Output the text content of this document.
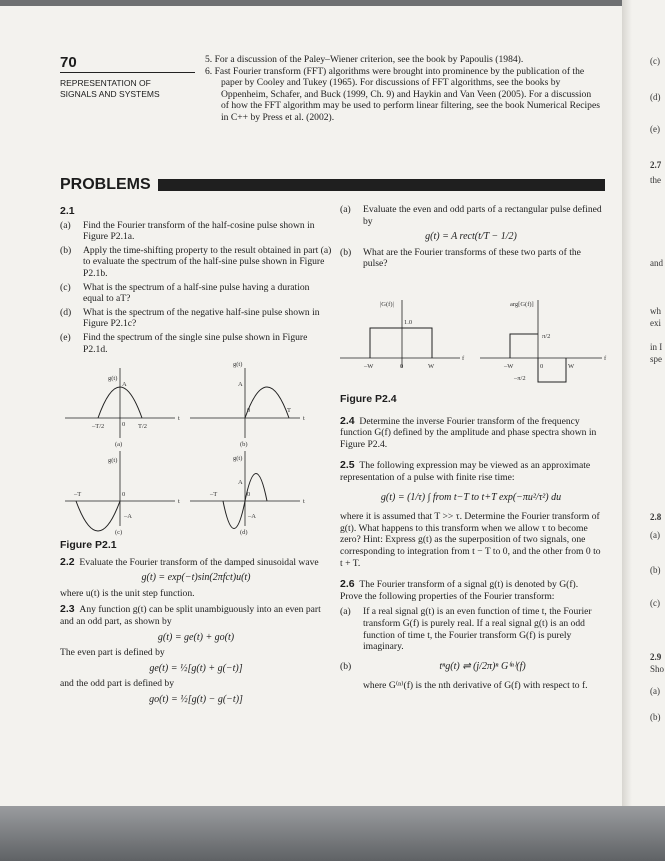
70
REPRESENTATION OF
SIGNALS AND SYSTEMS

5. For a discussion of the Paley–Wiener criterion, see the book by Papoulis (1984).

6. Fast Fourier transform (FFT) algorithms were brought into prominence by the publication of the paper by Cooley and Tukey (1965). For discussions of FFT algorithms, see the books by Oppenheim, Schafer, and Buck (1999, Ch. 9) and Haykin and Van Veen (2005). For a discussion of how the FFT algorithm may be used to perform linear filtering, see the book Numerical Recipes in C++ by Press et al. (2002).

PROBLEMS
2.1
(a) Find the Fourier transform of the half-cosine pulse shown in Figure P2.1a.
(b) Apply the time-shifting property to the result obtained in part (a) to evaluate the spectrum of the half-sine pulse shown in Figure P2.1b.
(c) What is the spectrum of a half-sine pulse having a duration equal to aT?
(d) What is the spectrum of the negative half-sine pulse shown in Figure P2.1c?
(e) Find the spectrum of the single sine pulse shown in Figure P2.1d.
g(t)
A
–T/2	0 T/2
t
(a)
g(t)
A
0	T
t
(b)
g(t)
–T	0
–A
t
(c)
g(t)
A
–T	0
–A
t
(d)
Figure P2.1

2.2 Evaluate the Fourier transform of the damped sinusoidal wave

g(t) = exp(−t)sin(2πfct)u(t)

where u(t) is the unit step function.

2.3 Any function g(t) can be split unambiguously into an even part and an odd part, as shown by

g(t) = ge(t) + go(t)

The even part is defined by

ge(t) = ½[g(t) + g(−t)]

and the odd part is defined by

go(t) = ½[g(t) − g(−t)]
(a) Evaluate the even and odd parts of a rectangular pulse defined by
g(t) = A rect(t/T − 1/2)
(b) What are the Fourier transforms of these two parts of the pulse?
|G(f)|
1.0
–W	0	W
f
arg[G(f)]
π/2
–W	0	W
–π/2
f
Figure P2.4

2.4 Determine the inverse Fourier transform of the frequency function G(f) defined by the amplitude and phase spectra shown in Figure P2.4.

2.5 The following expression may be viewed as an approximate representation of a pulse with finite rise time:

g(t) = (1/τ) ∫ from t−T to t+T exp(−πu²/τ²) du

where it is assumed that T >> τ. Determine the Fourier transform of g(t). What happens to this transform when we allow τ to become zero? Hint: Express g(t) as the superposition of two signals, one corresponding to integration from t − T to 0, and the other from 0 to t + T.

2.6 The Fourier transform of a signal g(t) is denoted by G(f). Prove the following properties of the Fourier transform:

(a) If a real signal g(t) is an even function of time t, the Fourier transform G(f) is purely real. If a real signal g(t) is an odd function of time t, the Fourier transform G(f) is purely imaginary.
(b)	tⁿg(t) ⇌ (j/2π)ⁿ G⁽ⁿ⁾(f)
where G⁽ⁿ⁾(f) is the nth derivative of G(f) with respect to f.
(c)
(d)
(e)
2.7
the
and
wh
exi
in I
spe
2.8
(a)
(b)
(c)
2.9
Sho
(a)
(b)
